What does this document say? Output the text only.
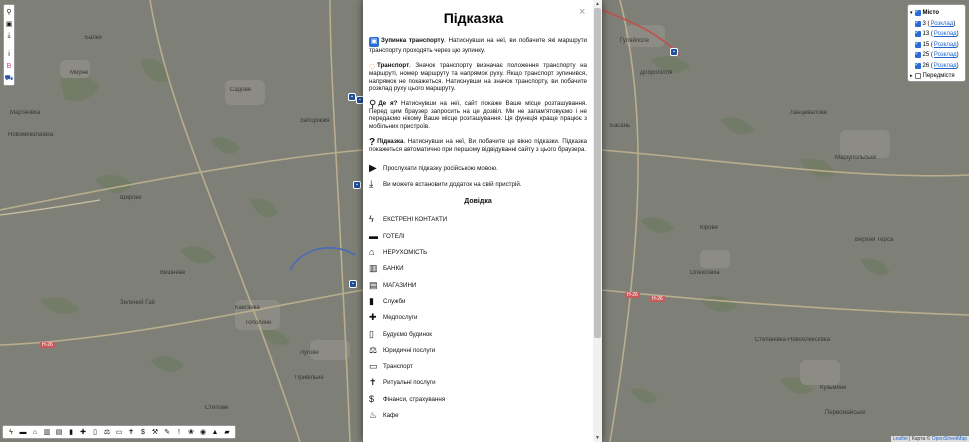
Балки
Садове
Запоріжжя
Мар'янівка
Мирне
Новомиколаївка
Широке
Вишневе
Зелений Гай
Кам'янка
Тополине
Лугове
Привільне
Степове
Гуляйполе
Басань
Ланцевалове
Маріупольське
Степанівка-Новоолексіївка
Верхня Терса
Кузьмине
Первомайське
Олексіївка
Кірове
Добропілля
▪
▪
▪
▪
▪
H-26
H-26
H-26
⚲
▣
⤓
i
B
⛟
ϟ ▬ ⌂ ▥ ▤ ▮	✚	▯ ⚖ ▭ ✝	$ ⚒ ✎	!	❀ ◉ ▲ ▰
▾
✓ Місто
✓
3 ( Розклад )
✓
13 ( Розклад )
✓
15 ( Розклад )
✓
25 ( Розклад )
✓
26 ( Розклад )
▸ Передмістя
Leaflet | Карта © OpenStreetMap
×
Підказка
▣ Зупинка транспорту. Натиснувши на неї, ви побачите які маршрути транспорту проходять через цю зупинку.
◌ Транспорт. Значок транспорту визначає положення транспорту на маршруті, номер маршруту та напрямок руху. Якщо транспорт зупинився, напрямок не покажеться. Натиснувши на значок транспорту, ви побачите розклад руху цього маршруту.
⚲ Де я? Натиснувши на неї, сайт покаже Ваше місце розташування. Перед цим браузер запросить на це дозвіл. Ми не запам'ятовуємо і не передаємо нікому Ваше місце розташування. Ця функція краще працює з мобільних пристроїв.
? Підказка. Натиснувши на неї, Ви побачите це вікно підказки. Підказка покажеться автоматично при першому відвідуванні сайту з цього браузера.
▶	Прослухати підказку російською мовою.
⤓	Ви можете встановити додаток на свій пристрій.
Довідка
ϟ	ЕКСТРЕНІ КОНТАКТИ
▬ ГОТЕЛІ
⌂	НЕРУХОМІСТЬ
▥ БАНКИ
▤ МАГАЗИНИ
▮	Служби
✚	Медпослуги
▯	Будуємо будинок
⚖ Юридичні послуги
▭ Транспорт
✝	Ритуальні послуги
$	Фінанси, страхування
♨ Кафе
▲
▼
